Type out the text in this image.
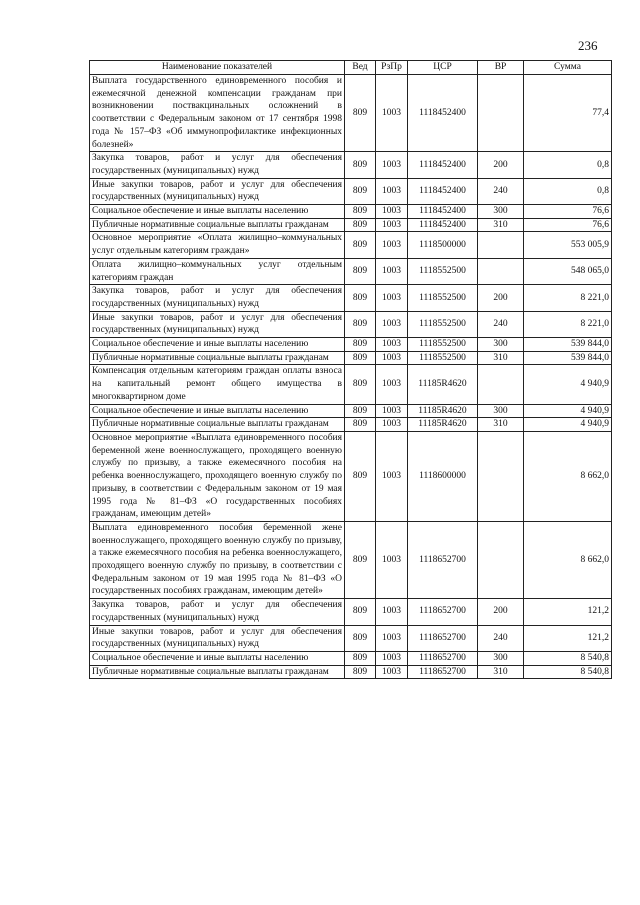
236
Наименование показателей	Вед	РзПр	ЦСР	ВР	Сумма
Выплата государственного единовременного пособия и ежемесячной денежной компенсации гражданам при возникновении поствакцинальных осложнений в соответствии с Федеральным законом от 17 сентября 1998 года № 157–ФЗ «Об иммунопрофилактике инфекционных болезней»	809	1003	1118452400		77,4
Закупка товаров, работ и услуг для обеспечения государственных (муниципальных) нужд	809	1003	1118452400	200	0,8
Иные закупки товаров, работ и услуг для обеспечения государственных (муниципальных) нужд	809	1003	1118452400	240	0,8
Социальное обеспечение и иные выплаты населению	809	1003	1118452400	300	76,6
Публичные нормативные социальные выплаты гражданам	809	1003	1118452400	310	76,6
Основное мероприятие «Оплата жилищно–коммунальных услуг отдельным категориям граждан»	809	1003	1118500000		553 005,9
Оплата жилищно–коммунальных услуг отдельным категориям граждан	809	1003	1118552500		548 065,0
Закупка товаров, работ и услуг для обеспечения государственных (муниципальных) нужд	809	1003	1118552500	200	8 221,0
Иные закупки товаров, работ и услуг для обеспечения государственных (муниципальных) нужд	809	1003	1118552500	240	8 221,0
Социальное обеспечение и иные выплаты населению	809	1003	1118552500	300	539 844,0
Публичные нормативные социальные выплаты гражданам	809	1003	1118552500	310	539 844,0
Компенсация отдельным категориям граждан оплаты взноса на капитальный ремонт общего имущества в многоквартирном доме	809	1003	11185R4620		4 940,9
Социальное обеспечение и иные выплаты населению	809	1003	11185R4620	300	4 940,9
Публичные нормативные социальные выплаты гражданам	809	1003	11185R4620	310	4 940,9
Основное мероприятие «Выплата единовременного пособия беременной жене военнослужащего, проходящего военную службу по призыву, а также ежемесячного пособия на ребенка военнослужащего, проходящего военную службу по призыву, в соответствии с Федеральным законом от 19 мая 1995 года № 81–ФЗ «О государственных пособиях гражданам, имеющим детей»	809	1003	1118600000		8 662,0
Выплата единовременного пособия беременной жене военнослужащего, проходящего военную службу по призыву, а также ежемесячного пособия на ребенка военнослужащего, проходящего военную службу по призыву, в соответствии с Федеральным законом от 19 мая 1995 года № 81–ФЗ «О государственных пособиях гражданам, имеющим детей»	809	1003	1118652700		8 662,0
Закупка товаров, работ и услуг для обеспечения государственных (муниципальных) нужд	809	1003	1118652700	200	121,2
Иные закупки товаров, работ и услуг для обеспечения государственных (муниципальных) нужд	809	1003	1118652700	240	121,2
Социальное обеспечение и иные выплаты населению	809	1003	1118652700	300	8 540,8
Публичные нормативные социальные выплаты гражданам	809	1003	1118652700	310	8 540,8
